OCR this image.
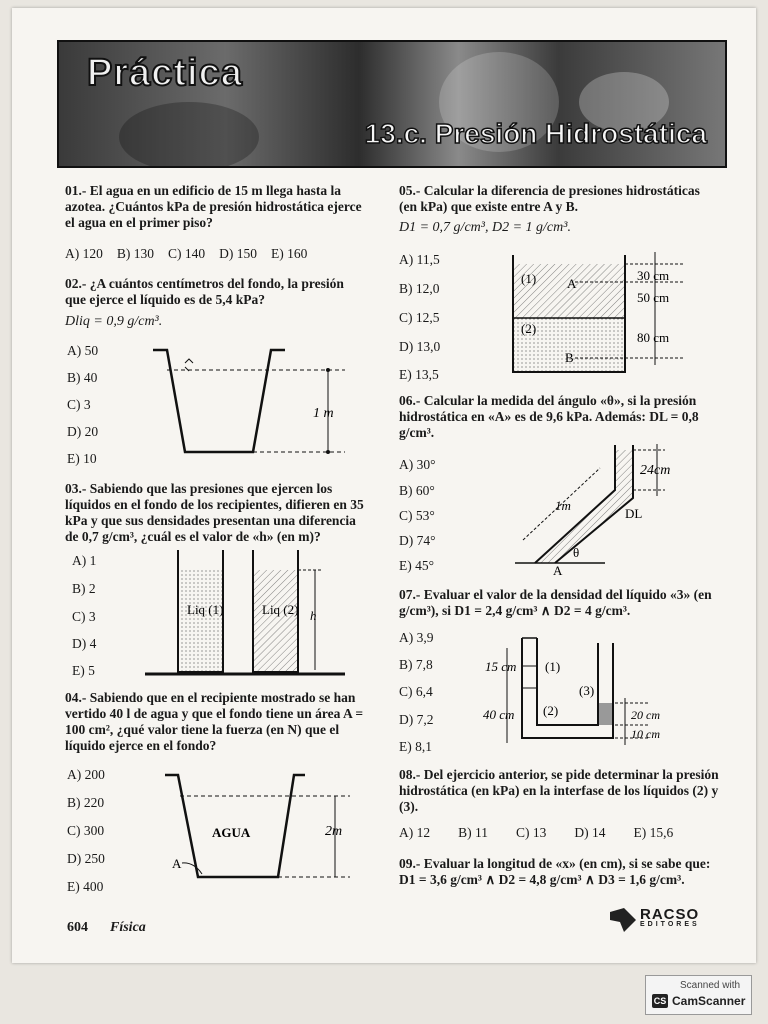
Práctica
13.c. Presión Hidrostática
01.- El agua en un edificio de 15 m llega hasta la azotea. ¿Cuántos kPa de presión hidrostática ejerce el agua en el primer piso?
A) 120 B) 130 C) 140 D) 150 E) 160
02.- ¿A cuántos centímetros del fondo, la presión que ejerce el líquido es de 5,4 kPa?
Dliq = 0,9 g/cm³.
A) 50
B) 40
C) 3
D) 20
E) 10
1 m
03.- Sabiendo que las presiones que ejercen los líquidos en el fondo de los recipientes, difieren en 35 kPa y que sus densidades presentan una diferencia de 0,7 g/cm³, ¿cuál es el valor de «h» (en m)?
A) 1
B) 2
C) 3
D) 4
E) 5
Liq (1)	Liq (2) h
04.- Sabiendo que en el recipiente mostrado se han vertido 40 l de agua y que el fondo tiene un área A = 100 cm², ¿qué valor tiene la fuerza (en N) que el líquido ejerce en el fondo?
A) 200
B) 220
C) 300
D) 250
E) 400
AGUA	2m
A
05.- Calcular la diferencia de presiones hidrostáticas (en kPa) que existe entre A y B.
D1 = 0,7 g/cm³, D2 = 1 g/cm³.
A) 11,5
B) 12,0
C) 12,5
D) 13,0
E) 13,5
(1) A
(2)
B
30 cm
50 cm
80 cm
06.- Calcular la medida del ángulo «θ», si la presión hidrostática en «A» es de 9,6 kPa. Además: DL = 0,8 g/cm³.
A) 30°
B) 60°
C) 53°
D) 74°
E) 45°
24cm
1m
DL
θ
A
07.- Evaluar el valor de la densidad del líquido «3» (en g/cm³), si D1 = 2,4 g/cm³ ∧ D2 = 4 g/cm³.
A) 3,9
B) 7,8
C) 6,4
D) 7,2
E) 8,1
15 cm (1)
(3)
40 cm (2)	20 cm
10 cm
08.- Del ejercicio anterior, se pide determinar la presión hidrostática (en kPa) en la interfase de los líquidos (2) y (3).
A) 12 B) 11 C) 13 D) 14 E) 15,6
09.- Evaluar la longitud de «x» (en cm), si se sabe que: D1 = 3,6 g/cm³ ∧ D2 = 4,8 g/cm³ ∧ D3 = 1,6 g/cm³.
604 Física
RACSO
EDITORES
Scanned with
CS CamScanner
